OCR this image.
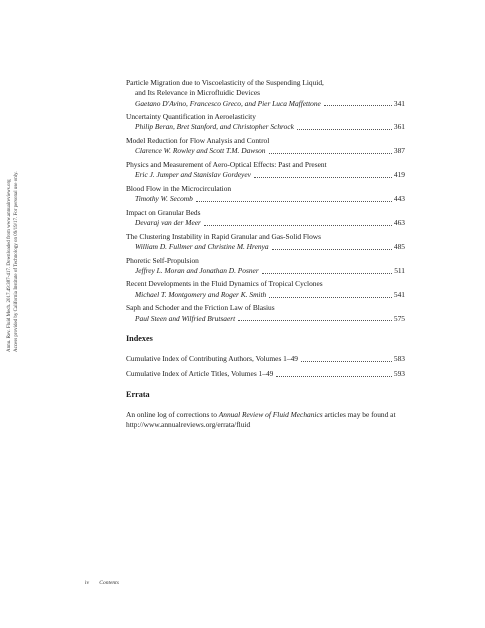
Annu. Rev. Fluid Mech. 2017.49:387-417. Downloaded from www.annualreviews.org Access provided by California Institute of Technology on 09/19/17. For personal use only.
Particle Migration due to Viscoelasticity of the Suspending Liquid,
and Its Relevance in Microfluidic Devices
Gaetano D'Avino, Francesco Greco, and Pier Luca Maffettone	341
Uncertainty Quantification in Aeroelasticity
Philip Beran, Bret Stanford, and Christopher Schrock	361
Model Reduction for Flow Analysis and Control
Clarence W. Rowley and Scott T.M. Dawson	387
Physics and Measurement of Aero-Optical Effects: Past and Present
Eric J. Jumper and Stanislav Gordeyev	419
Blood Flow in the Microcirculation
Timothy W. Secomb	443
Impact on Granular Beds
Devaraj van der Meer	463
The Clustering Instability in Rapid Granular and Gas-Solid Flows
William D. Fullmer and Christine M. Hrenya	485
Phoretic Self-Propulsion
Jeffrey L. Moran and Jonathan D. Posner	511
Recent Developments in the Fluid Dynamics of Tropical Cyclones
Michael T. Montgomery and Roger K. Smith	541
Saph and Schoder and the Friction Law of Blasius
Paul Steen and Wilfried Brutsaert	575
Indexes
Cumulative Index of Contributing Authors, Volumes 1–49	583
Cumulative Index of Article Titles, Volumes 1–49	593
Errata
An online log of corrections to Annual Review of Fluid Mechanics articles may be found at http://www.annualreviews.org/errata/fluid
iv Contents
